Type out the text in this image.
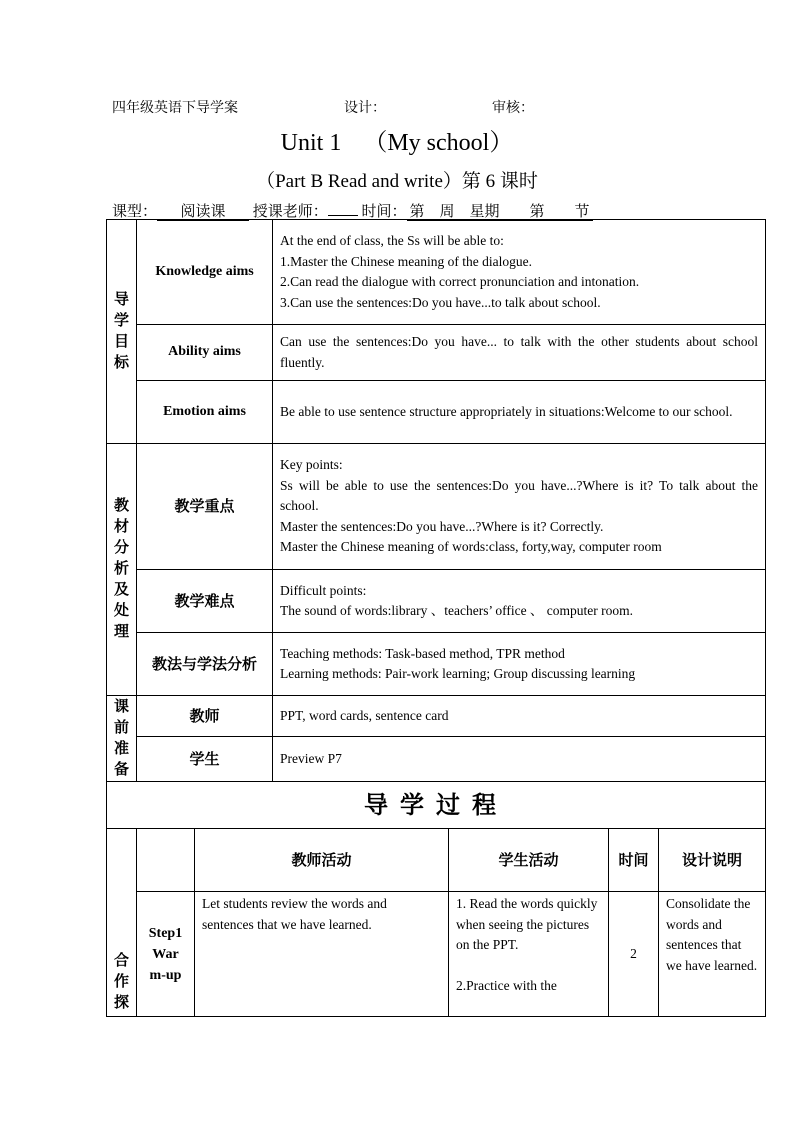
四年级英语下导学案	设计：	审核：
Unit 1 （My school）
（Part B Read and write）第 6 课时
课型： 阅读课 授课老师： 时间： 第　周　星期　　第　　节
导学目标	Knowledge aims		At the end of class, the Ss will be able to:
1.Master the Chinese meaning of the dialogue.
2.Can read the dialogue with correct pronunciation and intonation.
3.Can use the sentences:Do you have...to talk about school.			

	Ability aims		Can use the sentences:Do you have... to talk with the other students about school fluently.			
	Emotion aims		Be able to use sentence structure appropriately in situations:Welcome to our school.			

教材分析及处理	教学重点		Key points:
Ss will be able to use the sentences:Do you have...?Where is it? To talk about the school.
Master the sentences:Do you have...?Where is it? Correctly.
Master the Chinese meaning of words:class, forty,way, computer room			

	教学难点		Difficult points:
The sound of words:library 、teachers’ office 、 computer room.			

	教法与学法分析		Teaching methods: Task-based method, TPR method
Learning methods: Pair-work learning; Group discussing learning			

课前准备	教师		PPT, word cards, sentence card			
	学生		Preview P7			
导学过程						

合作探		教师活动		学生活动	时间	设计说明

	Step1 War m-up	Let students review the words and sentences that we have learned.		1. Read the words quickly when seeing the pictures on the PPT.
2.Practice with the	2	Consolidate the words and sentences that we have learned.
